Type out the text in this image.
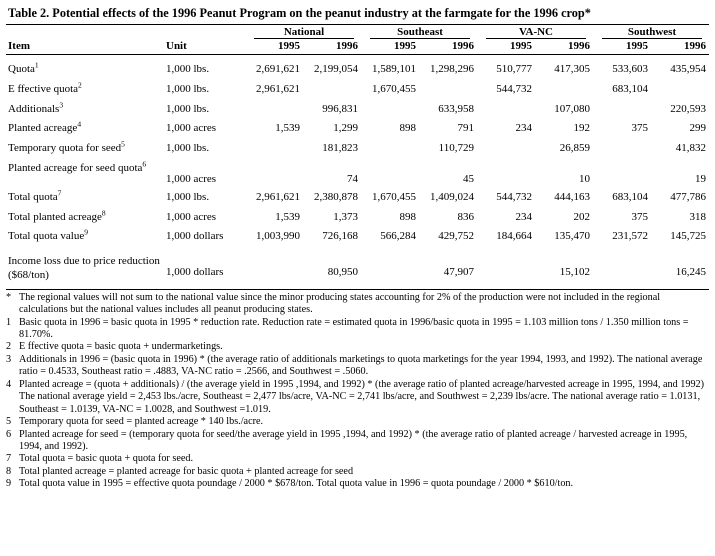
Table 2. Potential effects of the 1996 Peanut Program on the peanut industry at the farmgate for the 1996 crop*
		National		Southeast		VA-NC		Southwest	
Item	Unit	1995	1996	1995	1996	1995	1996	1995	1996

Quota$^1$	1,000 lbs.	2,691,621	2,199,054	1,589,101	1,298,296	510,777	417,305	533,603	435,954
E ffective quota$^2$	1,000 lbs.	2,961,621		1,670,455		544,732		683,104	
Additionals$^3$	1,000 lbs.		996,831		633,958		107,080		220,593
Planted acreage$^4$	1,000 acres	1,539	1,299	898	791	234	192	375	299
Temporary quota for seed$^5$	1,000 lbs.		181,823		110,729		26,859		41,832
Planted acreage for seed quota$^6$	1,000 acres		74		45		10		19
Total quota$^7$	1,000 lbs.	2,961,621	2,380,878	1,670,455	1,409,024	544,732	444,163	683,104	477,786
Total planted acreage$^8$	1,000 acres	1,539	1,373	898	836	234	202	375	318
Total quota value$^9$	1,000 dollars	1,003,990	726,168	566,284	429,752	184,664	135,470	231,572	145,725

Income loss due to price reduction ($68/ton)	1,000 dollars		80,950		47,907		15,102		16,245
* The regional values will not sum to the national value since the minor producing states accounting for 2% of the production were not included in the regional calculations but the national values includes all peanut producing states.
1 Basic quota in 1996 = basic quota in 1995 * reduction rate. Reduction rate = estimated quota in 1996/basic quota in 1995 = 1.103 million tons / 1.350 million tons = 81.70%.
2 E ffective quota = basic quota + undermarketings.
3 Additionals in 1996 = (basic quota in 1996) * (the average ratio of additionals marketings to quota marketings for the year 1994, 1993, and 1992). The national average ratio = 0.4533, Southeast ratio = .4883, VA-NC ratio = .2566, and Southwest = .5060.
4 Planted acreage = (quota + additionals) / (the average yield in 1995 ,1994, and 1992) * (the average ratio of planted acreage/harvested acreage in 1995, 1994, and 1992) The national average yield = 2,453 lbs./acre, Southeast = 2,477 lbs/acre, VA-NC = 2,741 lbs/acre, and Southwest = 2,239 lbs/acre. The national average ratio = 1.0131, Southeast = 1.0139, VA-NC = 1.0028, and Southwest =1.019.
5 Temporary quota for seed = planted acreage * 140 lbs./acre.
6 Planted acreage for seed = (temporary quota for seed/the average yield in 1995 ,1994, and 1992) * (the average ratio of planted acreage / harvested acreage in 1995, 1994, and 1992).
7 Total quota = basic quota + quota for seed.
8 Total planted acreage = planted acreage for basic quota + planted acreage for seed
9 Total quota value in 1995 = effective quota poundage / 2000 * $678/ton. Total quota value in 1996 = quota poundage / 2000 * $610/ton.
